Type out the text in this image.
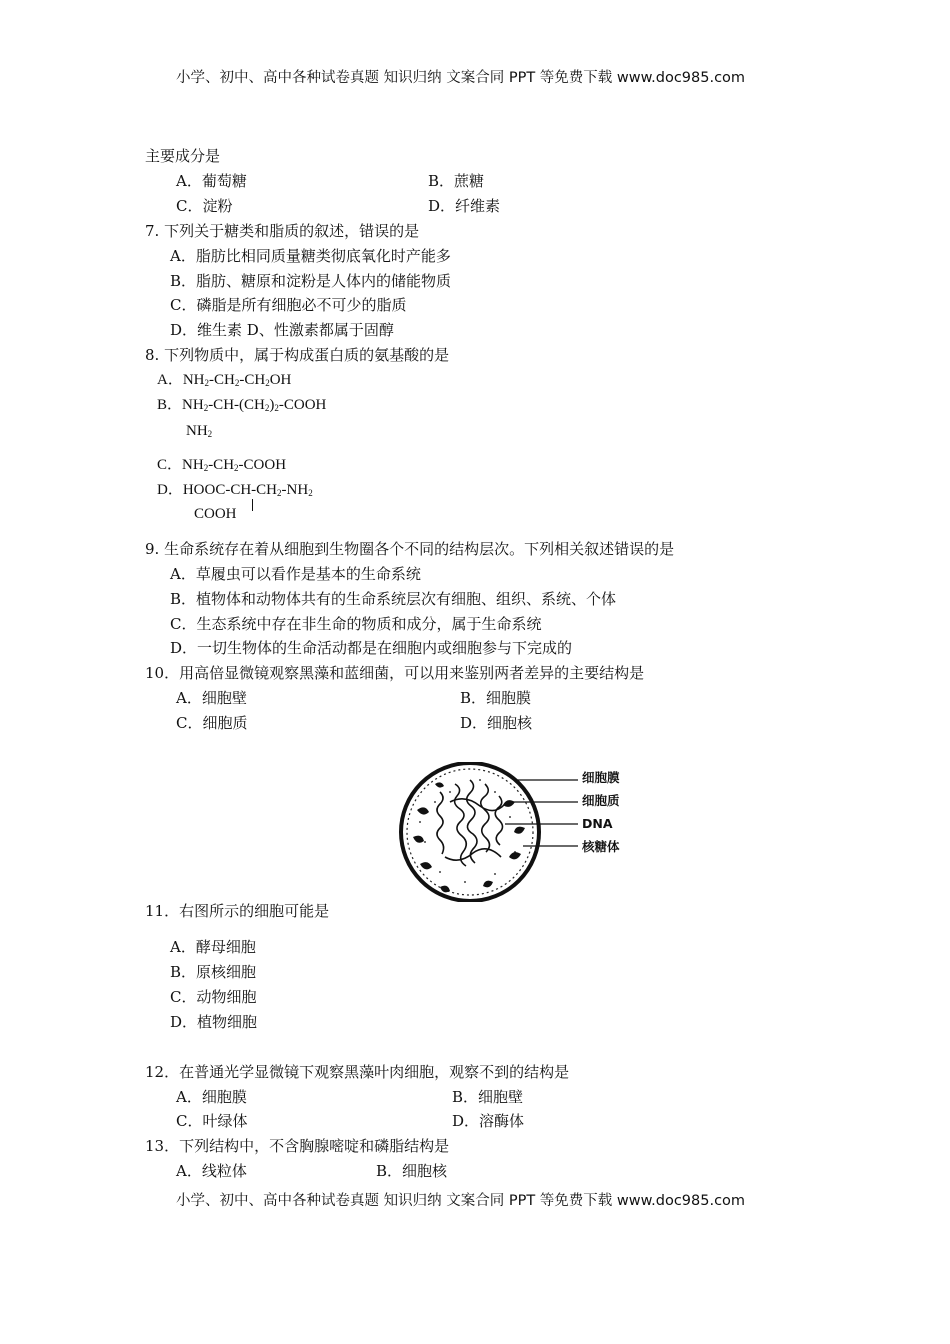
小学、初中、高中各种试卷真题 知识归纳 文案合同 PPT 等免费下载 www.doc985.com
主要成分是
A．葡萄糖	B．蔗糖
C．淀粉	D．纤维素
7. 下列关于糖类和脂质的叙述，错误的是
A．脂肪比相同质量糖类彻底氧化时产能多
B．脂肪、糖原和淀粉是人体内的储能物质
C．磷脂是所有细胞必不可少的脂质
D．维生素 D、性激素都属于固醇
8. 下列物质中，属于构成蛋白质的氨基酸的是
A．$NH_2-CH_2-CH_2OH$
B．$NH_2-CH-(CH_2)_2$-COOH
$NH_2$
C．$NH_2-CH_2$-COOH
D．HOOC-$CH-CH_2-NH_2$
COOH
9. 生命系统存在着从细胞到生物圈各个不同的结构层次。下列相关叙述错误的是
A．草履虫可以看作是基本的生命系统
B．植物体和动物体共有的生命系统层次有细胞、组织、系统、个体
C．生态系统中存在非生命的物质和成分，属于生命系统
D．一切生物体的生命活动都是在细胞内或细胞参与下完成的
10．用高倍显微镜观察黑藻和蓝细菌，可以用来鉴别两者差异的主要结构是
A．细胞壁	B．细胞膜
C．细胞质	D．细胞核
细胞膜
细胞质
DNA
核糖体
11．右图所示的细胞可能是
A．酵母细胞
B．原核细胞
C．动物细胞
D．植物细胞
12．在普通光学显微镜下观察黑藻叶肉细胞，观察不到的结构是
A．细胞膜	B．细胞壁
C．叶绿体	D．溶酶体
13．下列结构中，不含胸腺嘧啶和磷脂结构是
A．线粒体	B．细胞核
小学、初中、高中各种试卷真题 知识归纳 文案合同 PPT 等免费下载 www.doc985.com
